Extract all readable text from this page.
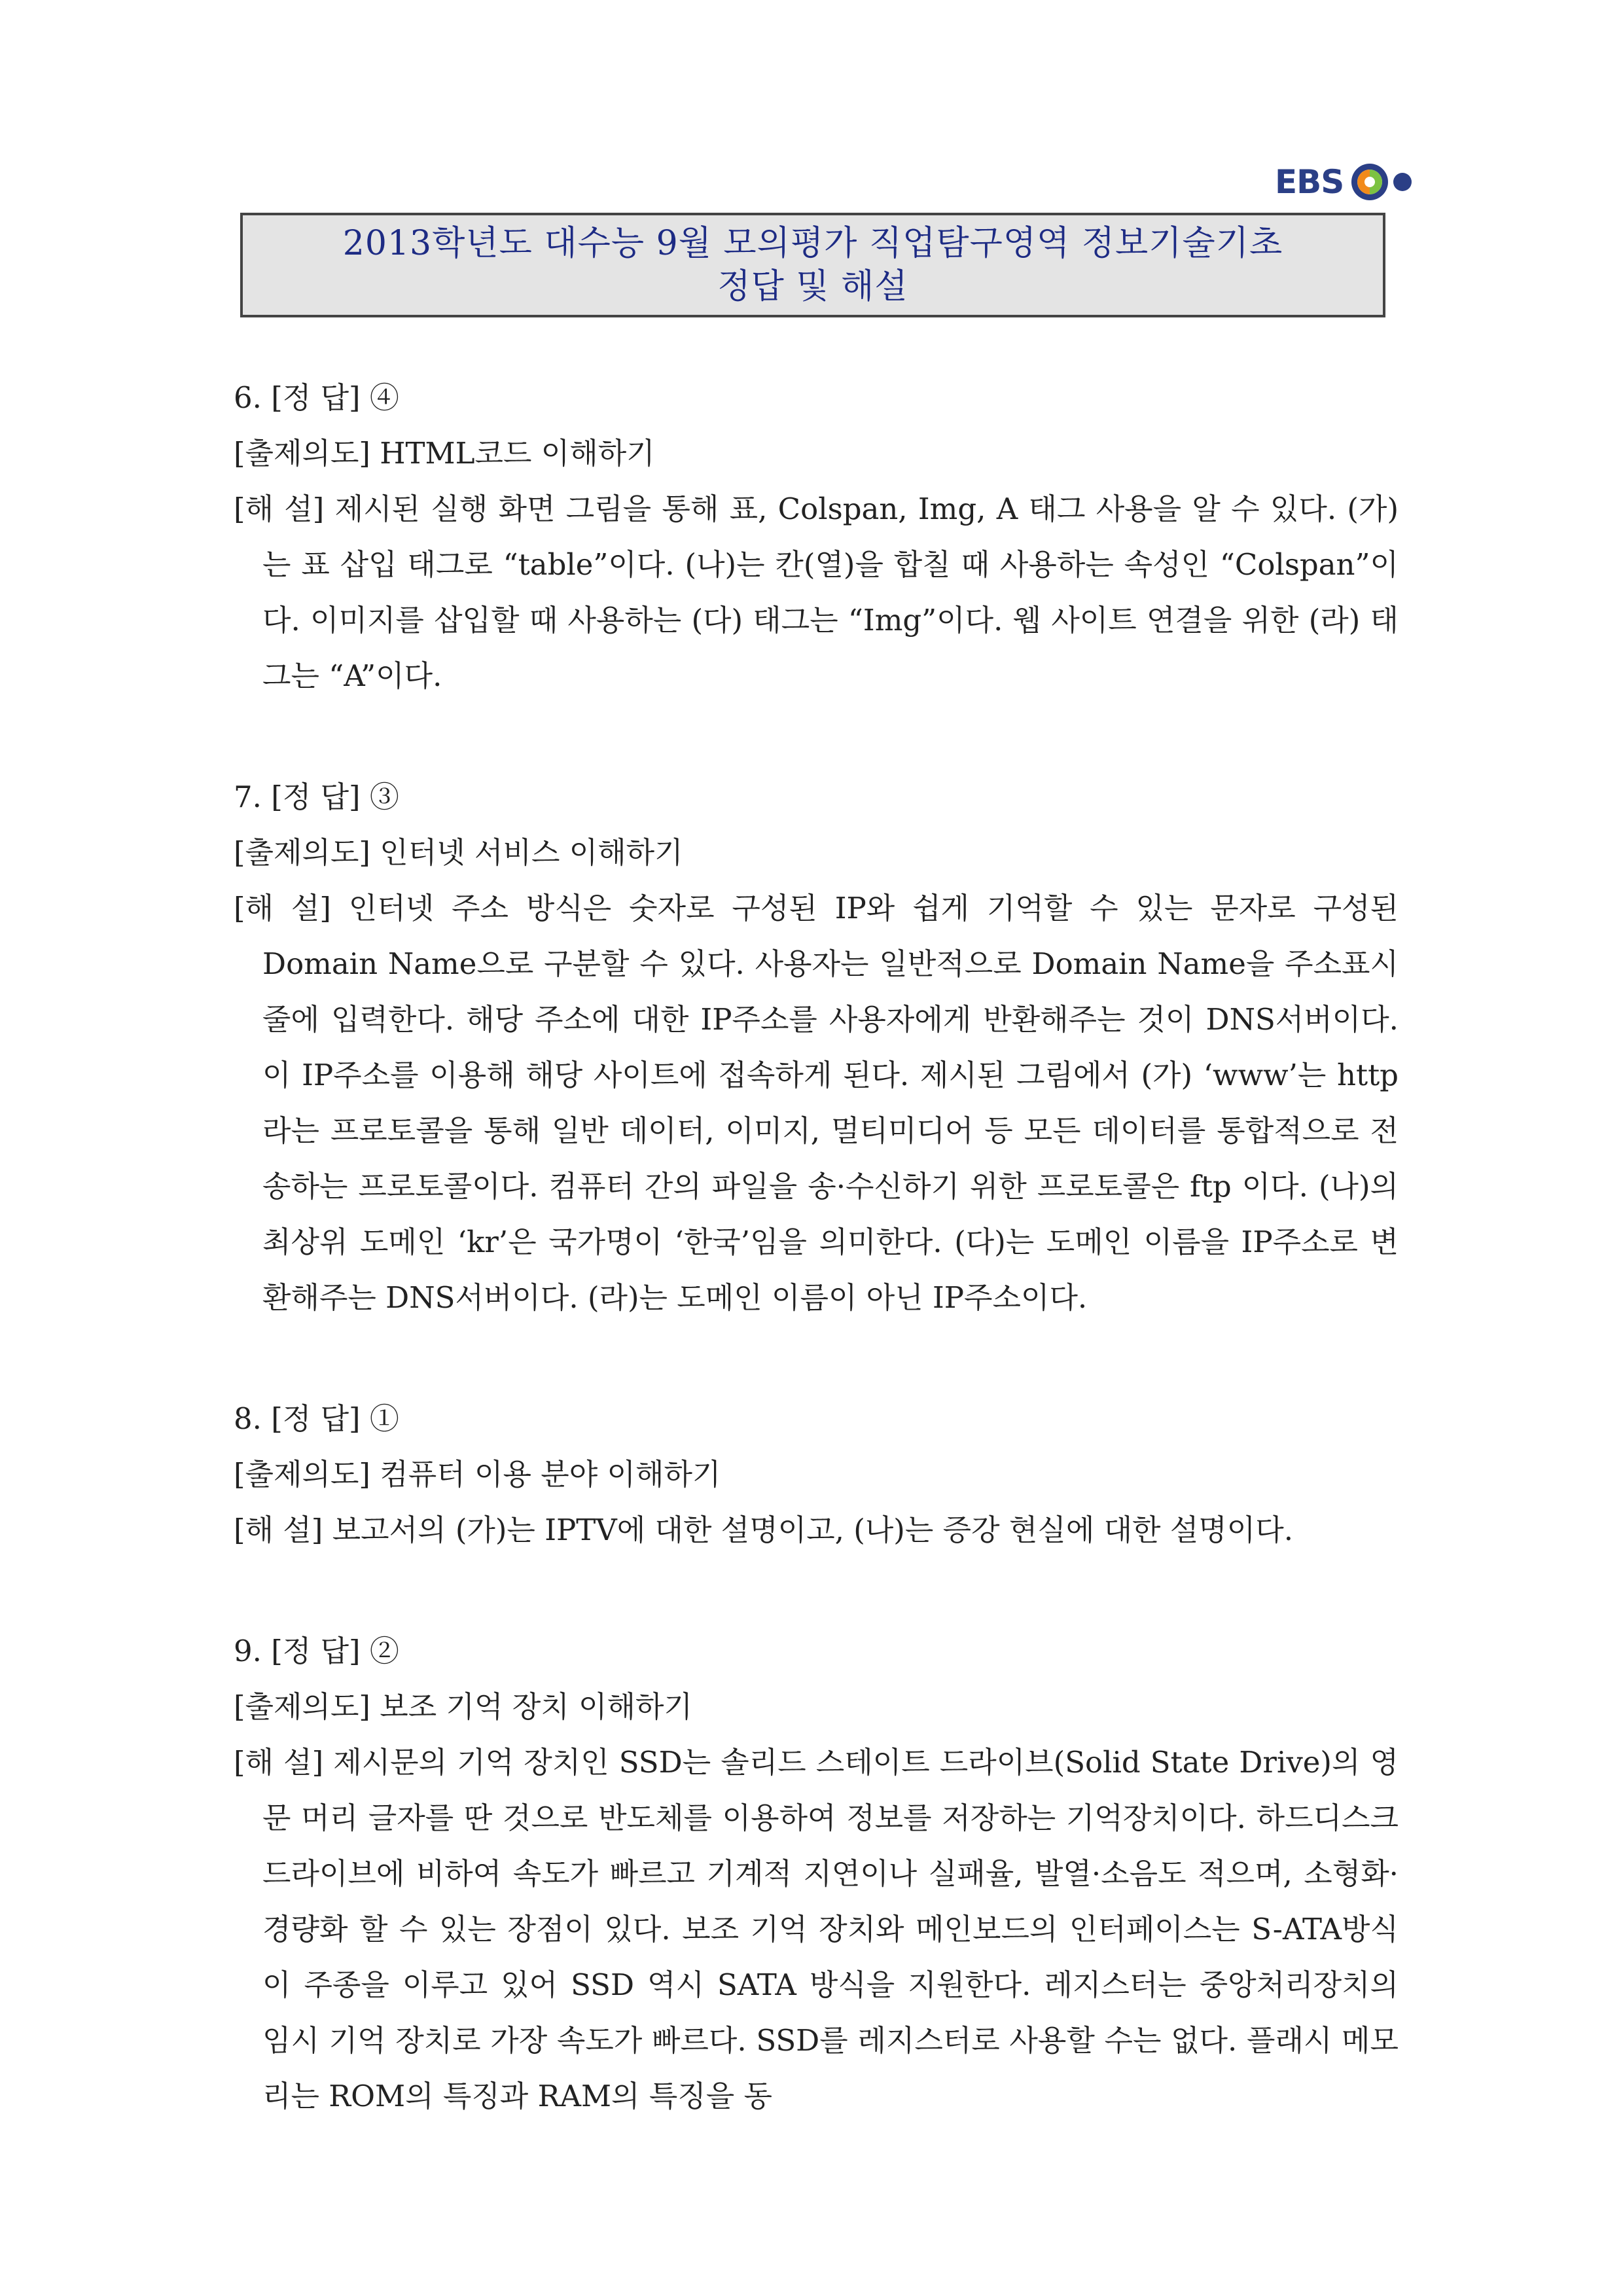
EBS
2013학년도 대수능 9월 모의평가 직업탐구영역 정보기술기초
정답 및 해설
6. [정 답] ④
[출제의도] HTML코드 이해하기
[해 설] 제시된 실행 화면 그림을 통해 표, Colspan, Img, A 태그 사용을 알 수 있다. (가)는 표 삽입 태그로 “table”이다. (나)는 칸(열)을 합칠 때 사용하는 속성인 “Colspan”이다. 이미지를 삽입할 때 사용하는 (다) 태그는 “Img”이다. 웹 사이트 연결을 위한 (라) 태그는 “A”이다.
7. [정 답] ③
[출제의도] 인터넷 서비스 이해하기
[해 설] 인터넷 주소 방식은 숫자로 구성된 IP와 쉽게 기억할 수 있는 문자로 구성된 Domain Name으로 구분할 수 있다. 사용자는 일반적으로 Domain Name을 주소표시줄에 입력한다. 해당 주소에 대한 IP주소를 사용자에게 반환해주는 것이 DNS서버이다. 이 IP주소를 이용해 해당 사이트에 접속하게 된다. 제시된 그림에서 (가) ‘www’는 http라는 프로토콜을 통해 일반 데이터, 이미지, 멀티미디어 등 모든 데이터를 통합적으로 전송하는 프로토콜이다. 컴퓨터 간의 파일을 송·수신하기 위한 프로토콜은 ftp 이다. (나)의 최상위 도메인 ‘kr’은 국가명이 ‘한국’임을 의미한다. (다)는 도메인 이름을 IP주소로 변환해주는 DNS서버이다. (라)는 도메인 이름이 아닌 IP주소이다.
8. [정 답] ①
[출제의도] 컴퓨터 이용 분야 이해하기
[해 설] 보고서의 (가)는 IPTV에 대한 설명이고, (나)는 증강 현실에 대한 설명이다.
9. [정 답] ②
[출제의도] 보조 기억 장치 이해하기
[해 설] 제시문의 기억 장치인 SSD는 솔리드 스테이트 드라이브(Solid State Drive)의 영문 머리 글자를 딴 것으로 반도체를 이용하여 정보를 저장하는 기억장치이다. 하드디스크 드라이브에 비하여 속도가 빠르고 기계적 지연이나 실패율, 발열·소음도 적으며, 소형화·경량화 할 수 있는 장점이 있다. 보조 기억 장치와 메인보드의 인터페이스는 S-ATA방식이 주종을 이루고 있어 SSD 역시 SATA 방식을 지원한다. 레지스터는 중앙처리장치의 임시 기억 장치로 가장 속도가 빠르다. SSD를 레지스터로 사용할 수는 없다. 플래시 메모리는 ROM의 특징과 RAM의 특징을 동
